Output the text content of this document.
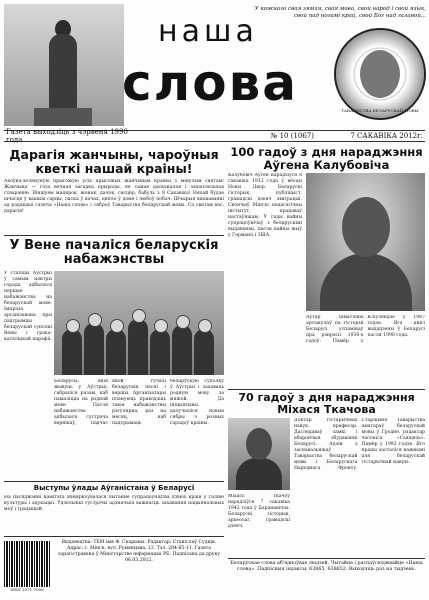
У кожнага свая зямля, свая мова, свой народ і свой язык, свой пад ногамі край, свой Бог над галавой...
наша
слова	ТАВАРЫСТВА БЕЛАРУСКАЙ МОВЫ
Газета выходзіць з чэрвеня 1990 года	№ 10 (1067)	7 САКАВІКА 2012г.
Дарагія жанчыны, чароўныя кветкі нашай краіны!
Ахоўна-зелянуную прыгожую ўсіх прыгожых жанчынам краіны з мінулым святам! Жанчына — гэта вечная загадка прыроды, яе самая дасканалая і захапляльная стварэнне. Віншуем мацярок, жонак, дачок, сясцёр, бабуль з 8 Сакавіка! Няхай будзе шчасце ў вашым сэрцы, ласка ў вачах, цяпло ў доме і любоў побач. Шчырыя віншаванні ад рэдакцыі газеты «Наша слова» і сяброў Таварыства беларускай мовы. Са святам вас, дарагія!
У Вене пачаліся беларускія набажэнствы
У сталіцы Аўстрыі ў самым цэнтры горада адбылося першае набажэнства на беларускай мове. Імпрэза арганізавана пры падтрымцы беларускай суполкі Вены і грэка-каталіцкай парафіі.
Беларусы, якія жывуць у Аўстрыі, сабраліся разам, каб памаліцца на роднай мове. Пасля набажэнства адбылася сустрэча вернікаў, падчас якой гучалі беларускія песні і вершы. Арганізатары плануюць праводзіць такія набажэнствы рэгулярна, раз на месяц, каб падтрымаць беларускую суполку ў Аўстрыі і захаваць родную мову за мяжой. Да ініцыятывы далучыліся новыя сябры з розных гарадоў краіны.
Выступы ўлады Аўганістана ў Беларусі
На пасяджэнні камітэта абмяркоўвалася пытанне супрацоўніцтва дзвюх краін у галіне культуры і адукацыі. Удзельнікі сустрэчы адзначылі важнасць захавання нацыянальных моў і традыцый.
ISSN 2071-7008
Выдавецтва: ТБМ імя Ф. Скарыны. Рэдактар: Станіслаў Суднік. Адрас: г. Мінск, вул. Румянцава, 13. Тэл. 284-85-11. Газета зарэгістравана ў Міністэрстве інфармацыі РБ. Падпісана да друку 06.03.2012.
100 гадоў з дня нараджэння Аўгена Калубовіча
Калубовіч Аўген нарадзіўся 8 сакавіка 1912 года ў вёсцы Новы Двор. Беларускі гісторык, публіцыст, грамадскі дзеяч эміграцыі. Скончыў Мінскі педагагічны інстытут, працаваў настаўнікам. У гады вайны супрацоўнічаў з беларускімі выданнямі, пасля вайны жыў у Германіі і ЗША.
Аўтар шматлікіх артыкулаў па гісторыі Беларусі, успамінаў пра рэпрэсіі 1930-х гадоў. Памёр у Кліўлендзе ў 1987 годзе. Яго кнігі выдадзены ў Беларусі пасля 1990 года.
70 гадоў з дня нараджэння Міхася Ткачова
Міхась Ткачоў нарадзіўся 7 сакавіка 1942 года ў Баранавічах. Беларускі гісторык, археолаг, грамадскі дзеяч.
Доктар гістарычных навук, прафесар. Даследаваў замкі і абарончыя збудаванні Беларусі. Адзін з заснавальнікаў Таварыства беларускай мовы і Беларускага Народнага Фронту. Старшыня Таварыства аматараў беларускай мовы ў Гродне, рэдактар часопіса «Сьвіцязь». Памёр у 1992 годзе. Яго працы засталіся важнымі для беларускай гістарычнай навукі.
Беларускае слова аб'ядноўвае людзей. Чытайце і распаўсюджвайце «Наша слова». Падпісныя індэксы: 63865, 638652. Выходзіць раз на тыдзень.
